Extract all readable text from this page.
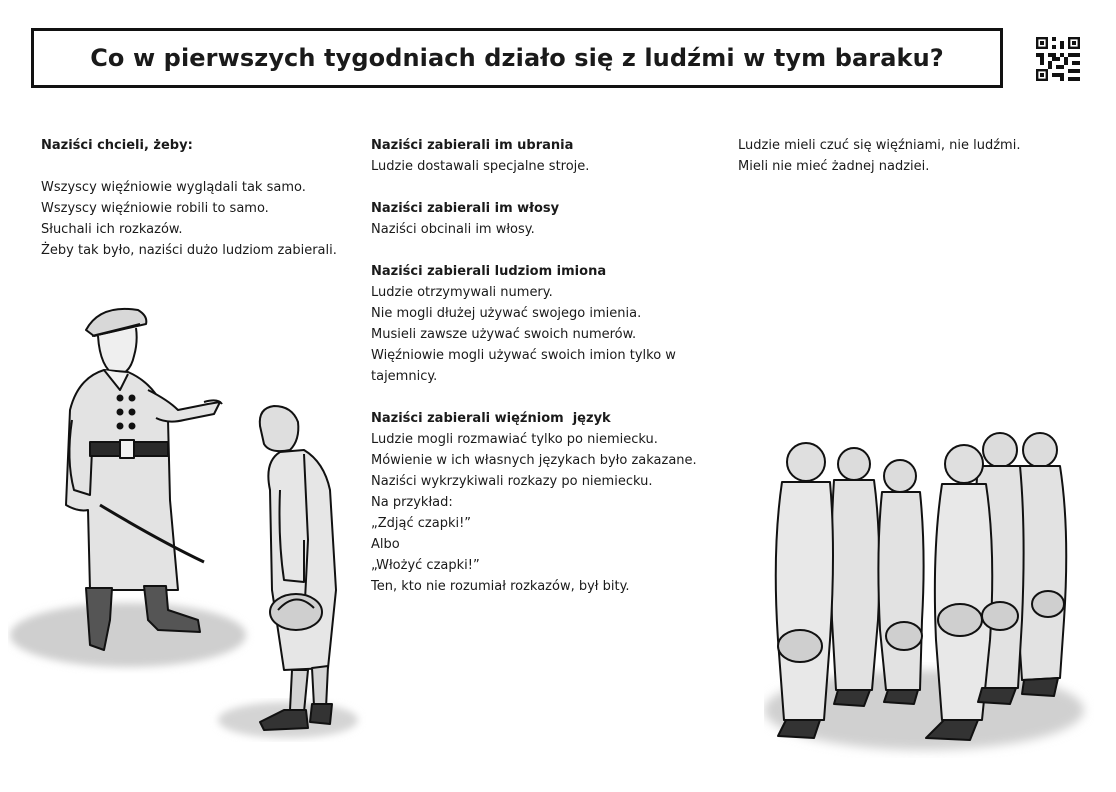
Co w pierwszych tygodniach działo się z ludźmi w tym baraku?

Naziści chcieli, żeby:

Wszyscy więźniowie wyglądali tak samo.

Wszyscy więźniowie robili to samo.

Słuchali ich rozkazów.

Żeby tak było, naziści dużo ludziom zabierali.

Naziści zabierali im ubrania

Ludzie dostawali specjalne stroje.

Naziści zabierali im włosy

Naziści obcinali im włosy.

Naziści zabierali ludziom imiona

Ludzie otrzymywali numery.

Nie mogli dłużej używać swojego imienia.

Musieli zawsze używać swoich numerów.

Więźniowie mogli używać swoich imion tylko w tajemnicy.

Naziści zabierali więźniom  język

Ludzie mogli rozmawiać tylko po niemiecku.

Mówienie w ich własnych językach było zakazane.

Naziści wykrzykiwali rozkazy po niemiecku.

Na przykład:

„Zdjąć czapki!”

Albo

„Włożyć czapki!”

Ten, kto nie rozumiał rozkazów, był bity.

Ludzie mieli czuć się więźniami, nie ludźmi.

Mieli nie mieć żadnej nadziei.
